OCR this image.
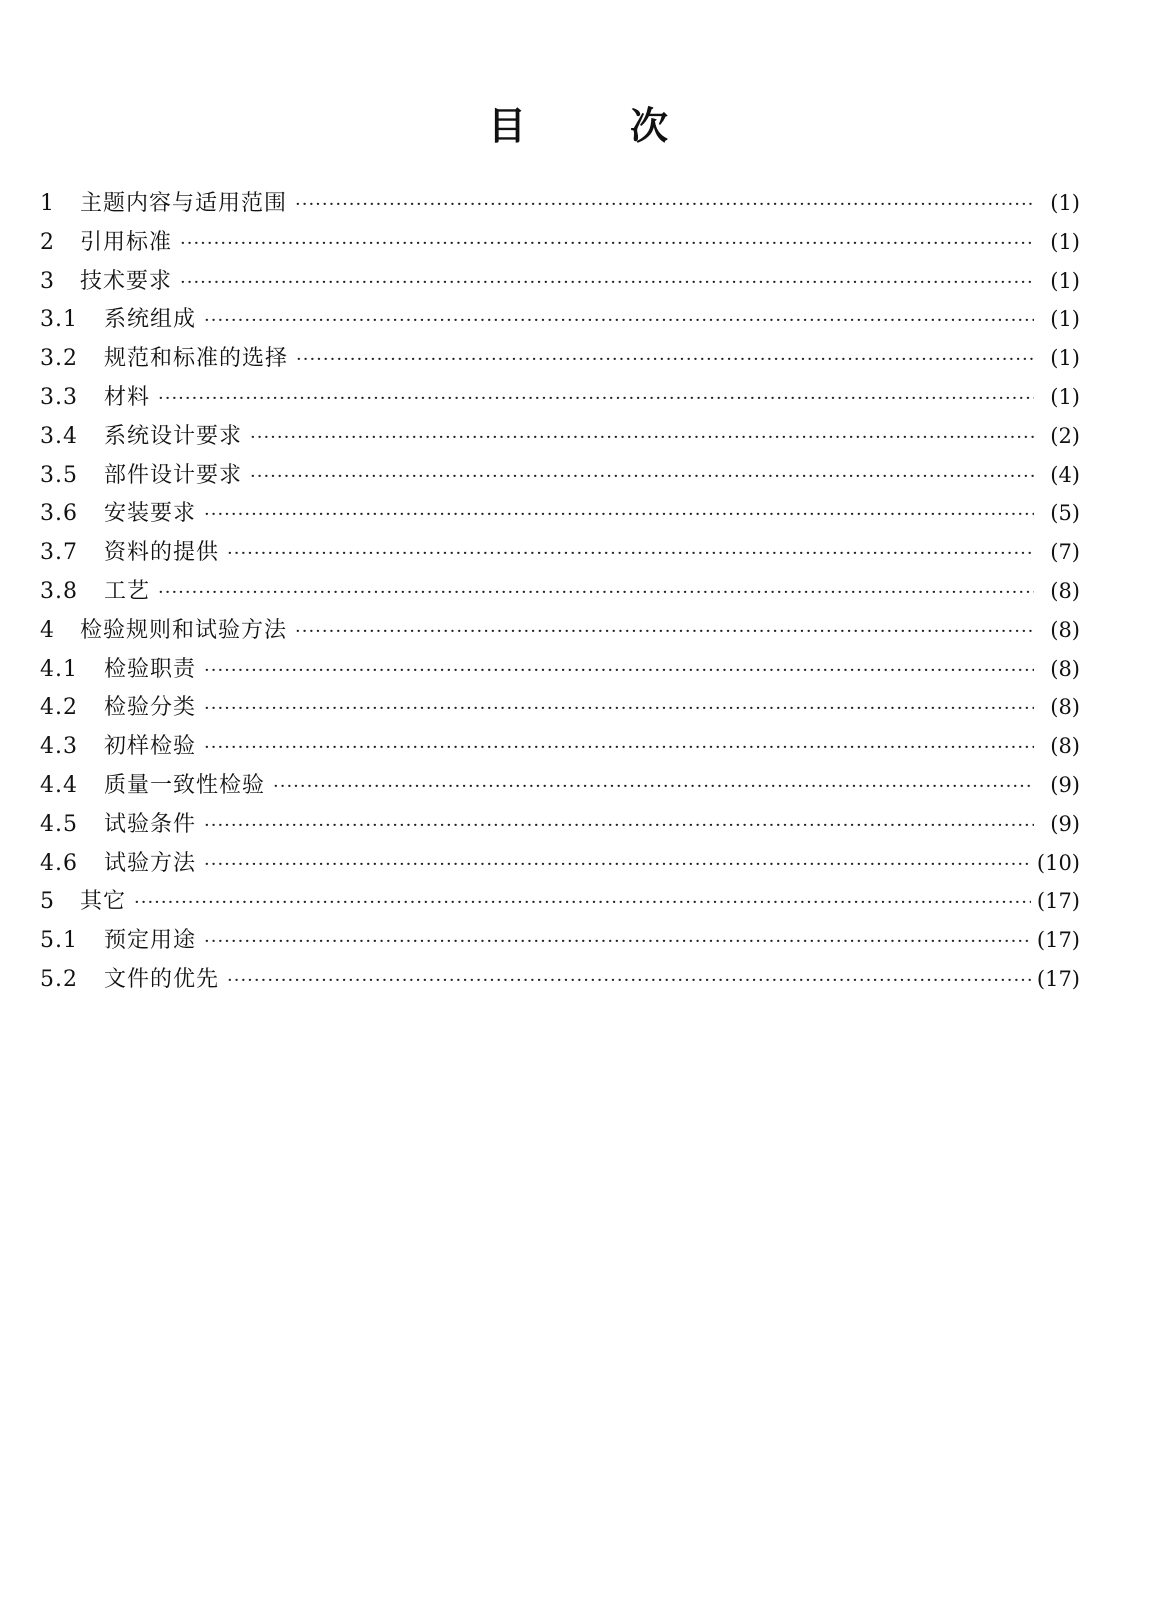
目	次
1	主题内容与适用范围 ·····	(1)
2	引用标准 ·····	(1)
3	技术要求 ·····	(1)
3.1	系统组成 ·····	(1)
3.2	规范和标准的选择 ·····	(1)
3.3	材料 ·····	(1)
3.4	系统设计要求 ·····	(2)
3.5	部件设计要求 ·····	(4)
3.6	安装要求 ·····	(5)
3.7	资料的提供 ·····	(7)
3.8	工艺 ·····	(8)
4	检验规则和试验方法 ·····	(8)
4.1	检验职责 ·····	(8)
4.2	检验分类 ·····	(8)
4.3	初样检验 ·····	(8)
4.4	质量一致性检验 ·····	(9)
4.5	试验条件 ·····	(9)
4.6	试验方法 ·····	(10)
5	其它 ·····	(17)
5.1	预定用途 ·····	(17)
5.2	文件的优先 ·····	(17)
